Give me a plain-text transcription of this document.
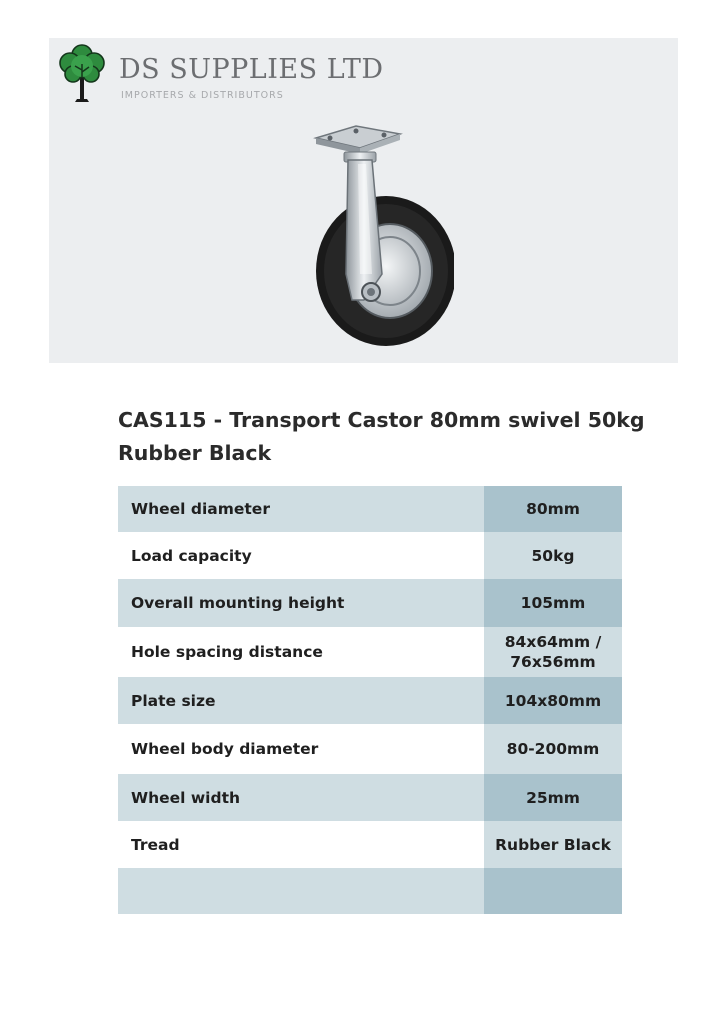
DS SUPPLIES LTD
IMPORTERS & DISTRIBUTORS
CAS115 - Transport Castor 80mm swivel 50kg
Rubber Black
Wheel diameter	80mm
Load capacity	50kg
Overall mounting height	105mm
Hole spacing distance	84x64mm /
76x56mm
Plate size	104x80mm
Wheel body diameter	80-200mm
Wheel width	25mm
Tread	Rubber Black
